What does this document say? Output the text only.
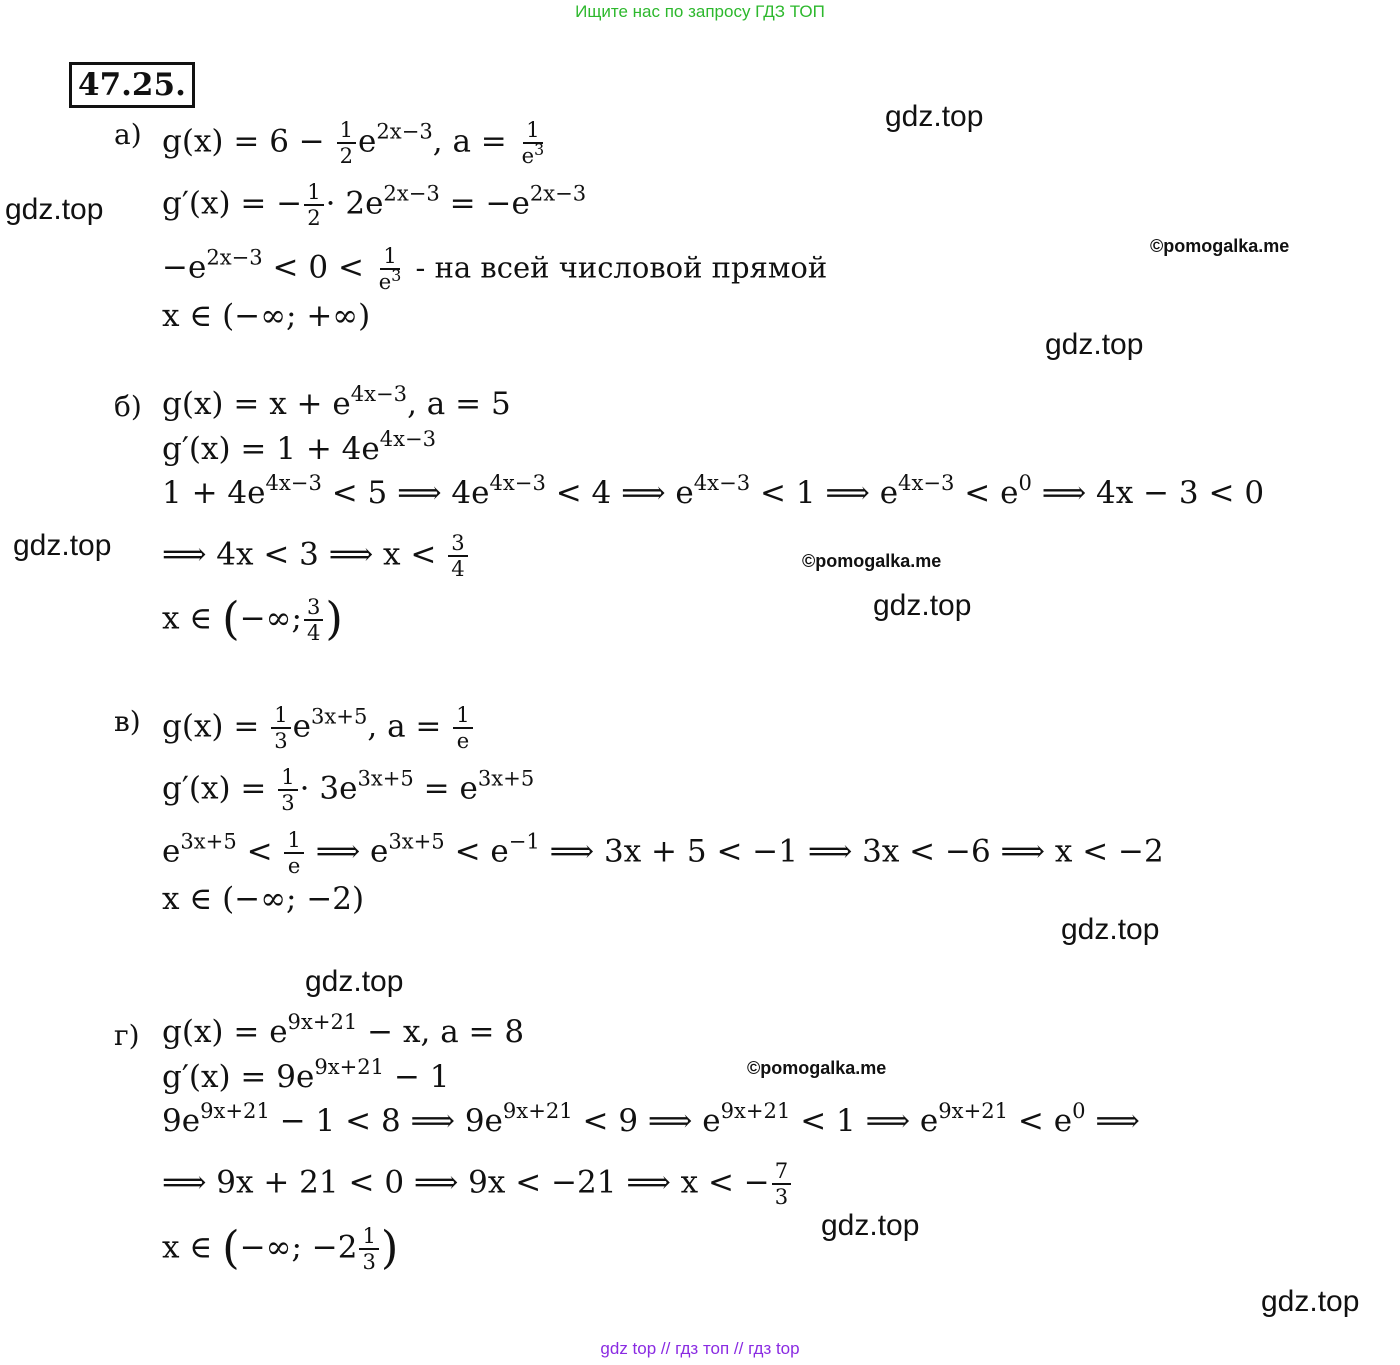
Ищите нас по запросу ГДЗ ТОП
47.25.
gdz.top
gdz.top
©pomogalka.me
gdz.top
gdz.top	©pomogalka.me
gdz.top
gdz.top
gdz.top
©pomogalka.me
gdz.top
gdz.top
а) $g(x) = 6 - \frac{1}{2} e^{2x-3}$, $a = \frac{1}{e^3}$
g′(x) = − $\frac{1}{2} \cdot 2e^{2x-3} = -e^{2x-3}$
$-e^{2x-3} < 0 < \frac{1}{e^3}$ - на всей числовой прямой
x ∈ (−∞; +∞)
б) $g(x) = x + e^{4x-3}$, a = 5
$g'(x) = 1 + 4e^{4x-3}$
$1 + 4e^{4x-3} < 5$ ⟹ $4e^{4x-3} < 4$ ⟹ $e^{4x-3} < 1$ ⟹ $e^{4x-3} < e^0$ ⟹ 4x − 3 < 0
⟹ 4x < 3 ⟹ $x < \frac{3}{4}$
x ∈ (−∞; $\frac{3}{4}$ )
в) $g(x) = \frac{1}{3} e^{3x+5}$, $a = \frac{1}{e}$
$g'(x) = \frac{1}{3} \cdot 3e^{3x+5} = e^{3x+5}$
$e^{3x+5} < \frac{1}{e}$ ⟹ $e^{3x+5} < e^{-1}$ ⟹ 3x + 5 < −1 ⟹ 3x < −6 ⟹ x < −2
x ∈ (−∞; −2)
г) $g(x) = e^{9x+21} - x$, a = 8
$g'(x) = 9e^{9x+21} - 1$
$9e^{9x+21} - 1 < 8$ ⟹ $9e^{9x+21} < 9$ ⟹ $e^{9x+21} < 1$ ⟹ $e^{9x+21} < e^0$ ⟹
⟹ 9x + 21 < 0 ⟹ 9x < −21 ⟹ x < − $\frac{7}{3}$
x ∈ (−∞; $-2 \frac{1}{3}$ )
gdz top // гдз топ // гдз top
